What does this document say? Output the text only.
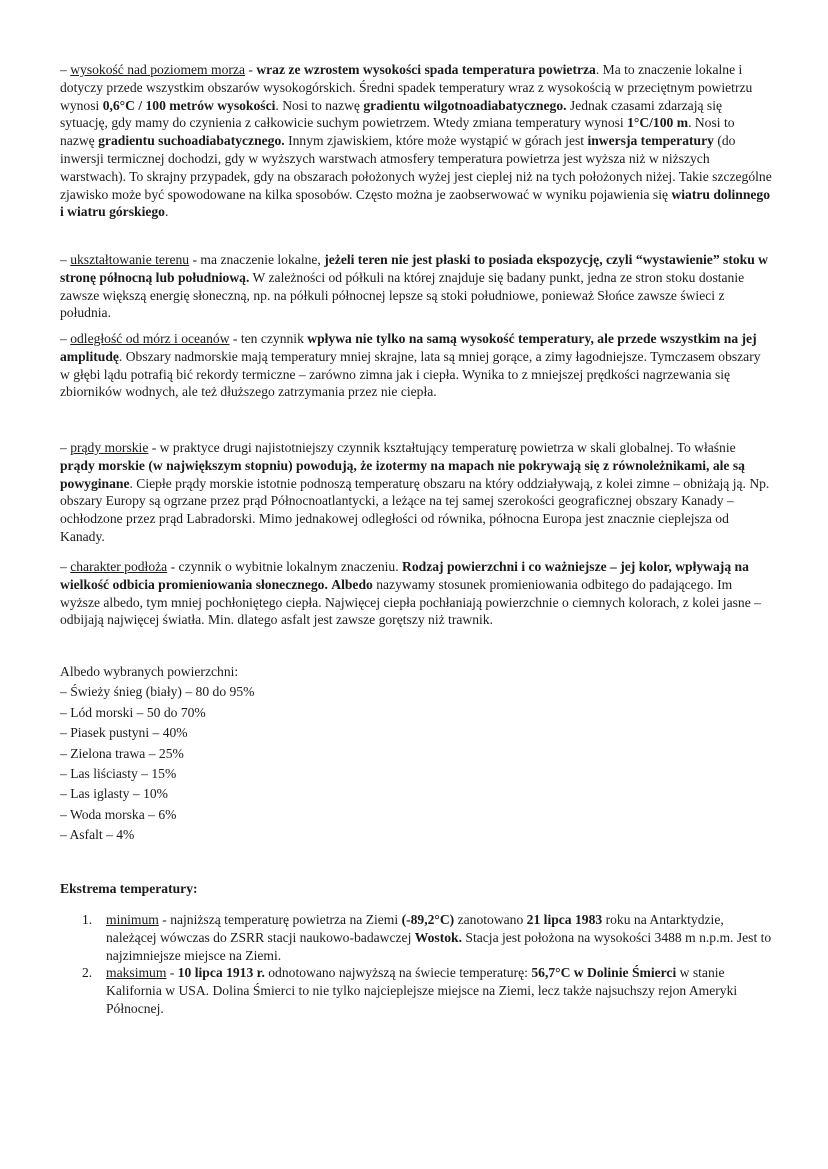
– wysokość nad poziomem morza - wraz ze wzrostem wysokości spada temperatura powietrza. Ma to znaczenie lokalne i dotyczy przede wszystkim obszarów wysokogórskich. Średni spadek temperatury wraz z wysokością w przeciętnym powietrzu wynosi 0,6°C / 100 metrów wysokości. Nosi to nazwę gradientu wilgotnoadiabatycznego. Jednak czasami zdarzają się sytuację, gdy mamy do czynienia z całkowicie suchym powietrzem. Wtedy zmiana temperatury wynosi 1°C/100 m. Nosi to nazwę gradientu suchoadiabatycznego. Innym zjawiskiem, które może wystąpić w górach jest inwersja temperatury (do inwersji termicznej dochodzi, gdy w wyższych warstwach atmosfery temperatura powietrza jest wyższa niż w niższych warstwach). To skrajny przypadek, gdy na obszarach położonych wyżej jest cieplej niż na tych położonych niżej. Takie szczególne zjawisko może być spowodowane na kilka sposobów. Często można je zaobserwować w wyniku pojawienia się wiatru dolinnego i wiatru górskiego.

– ukształtowanie terenu - ma znaczenie lokalne, jeżeli teren nie jest płaski to posiada ekspozycję, czyli “wystawienie” stoku w stronę północną lub południową. W zależności od półkuli na której znajduje się badany punkt, jedna ze stron stoku dostanie zawsze większą energię słoneczną, np. na półkuli północnej lepsze są stoki południowe, ponieważ Słońce zawsze świeci z południa.

– odległość od mórz i oceanów - ten czynnik wpływa nie tylko na samą wysokość temperatury, ale przede wszystkim na jej amplitudę. Obszary nadmorskie mają temperatury mniej skrajne, lata są mniej gorące, a zimy łagodniejsze. Tymczasem obszary w głębi lądu potrafią bić rekordy termiczne – zarówno zimna jak i ciepła. Wynika to z mniejszej prędkości nagrzewania się zbiorników wodnych, ale też dłuższego zatrzymania przez nie ciepła.

– prądy morskie - w praktyce drugi najistotniejszy czynnik kształtujący temperaturę powietrza w skali globalnej. To właśnie prądy morskie (w największym stopniu) powodują, że izotermy na mapach nie pokrywają się z równoleżnikami, ale są powyginane. Ciepłe prądy morskie istotnie podnoszą temperaturę obszaru na który oddziaływają, z kolei zimne – obniżają ją. Np. obszary Europy są ogrzane przez prąd Północnoatlantycki, a leżące na tej samej szerokości geograficznej obszary Kanady – ochłodzone przez prąd Labradorski. Mimo jednakowej odległości od równika, północna Europa jest znacznie cieplejsza od Kanady.

– charakter podłoża - czynnik o wybitnie lokalnym znaczeniu. Rodzaj powierzchni i co ważniejsze – jej kolor, wpływają na wielkość odbicia promieniowania słonecznego. Albedo nazywamy stosunek promieniowania odbitego do padającego. Im wyższe albedo, tym mniej pochłoniętego ciepła. Najwięcej ciepła pochłaniają powierzchnie o ciemnych kolorach, z kolei jasne – odbijają najwięcej światła. Min. dlatego asfalt jest zawsze gorętszy niż trawnik.

Albedo wybranych powierzchni:
– Świeży śnieg (biały) – 80 do 95%
– Lód morski – 50 do 70%
– Piasek pustyni – 40%
– Zielona trawa – 25%
– Las liściasty – 15%
– Las iglasty – 10%
– Woda morska – 6%
– Asfalt – 4%
Ekstrema temperatury:
1. minimum - najniższą temperaturę powietrza na Ziemi (-89,2°C) zanotowano 21 lipca 1983 roku na Antarktydzie, należącej wówczas do ZSRR stacji naukowo-badawczej Wostok. Stacja jest położona na wysokości 3488 m n.p.m. Jest to najzimniejsze miejsce na Ziemi.
2. maksimum - 10 lipca 1913 r. odnotowano najwyższą na świecie temperaturę: 56,7°C w Dolinie Śmierci w stanie Kalifornia w USA. Dolina Śmierci to nie tylko najcieplejsze miejsce na Ziemi, lecz także najsuchszy rejon Ameryki Północnej.
